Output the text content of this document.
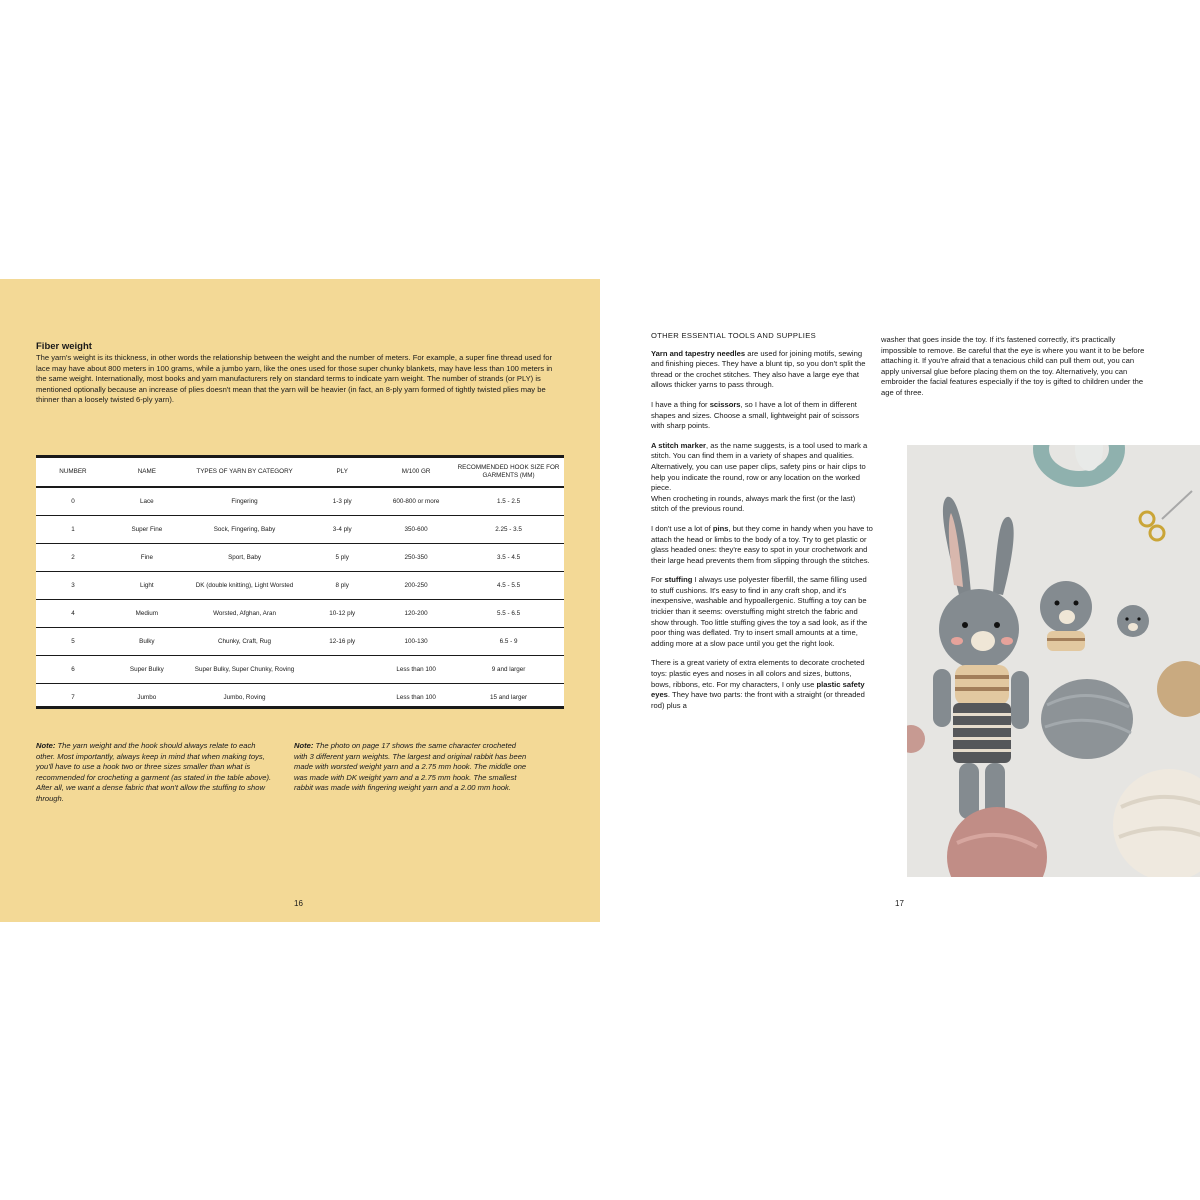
Fiber weight
The yarn's weight is its thickness, in other words the relationship between the weight and the number of meters. For example, a super fine thread used for lace may have about 800 meters in 100 grams, while a jumbo yarn, like the ones used for those super chunky blankets, may have less than 100 meters in the same weight. Internationally, most books and yarn manufacturers rely on standard terms to indicate yarn weight. The number of strands (or PLY) is mentioned optionally because an increase of plies doesn't mean that the yarn will be heavier (in fact, an 8-ply yarn formed of tightly twisted plies may be thinner than a loosely twisted 6-ply yarn).
NUMBER	NAME	TYPES OF YARN BY CATEGORY	PLY	M/100 GR	RECOMMENDED HOOK SIZE FOR GARMENTS (MM)
0	Lace	Fingering	1-3 ply	600-800 or more	1.5 - 2.5
1	Super Fine	Sock, Fingering, Baby	3-4 ply	350-600	2.25 - 3.5
2	Fine	Sport, Baby	5 ply	250-350	3.5 - 4.5
3	Light	DK (double knitting), Light Worsted	8 ply	200-250	4.5 - 5.5
4	Medium	Worsted, Afghan, Aran	10-12 ply	120-200	5.5 - 6.5
5	Bulky	Chunky, Craft, Rug	12-16 ply	100-130	6.5 - 9
6	Super Bulky	Super Bulky, Super Chunky, Roving		Less than 100	9 and larger
7	Jumbo	Jumbo, Roving		Less than 100	15 and larger
Note: The yarn weight and the hook should always relate to each other. Most importantly, always keep in mind that when making toys, you'll have to use a hook two or three sizes smaller than what is recommended for crocheting a garment (as stated in the table above). After all, we want a dense fabric that won't allow the stuffing to show through.
Note: The photo on page 17 shows the same character crocheted with 3 different yarn weights. The largest and original rabbit has been made with worsted weight yarn and a 2.75 mm hook. The middle one was made with DK weight yarn and a 2.75 mm hook. The smallest rabbit was made with fingering weight yarn and a 2.00 mm hook.
16
OTHER ESSENTIAL TOOLS AND SUPPLIES

Yarn and tapestry needles are used for joining motifs, sewing and finishing pieces. They have a blunt tip, so you don't split the thread or the crochet stitches. They also have a large eye that allows thicker yarns to pass through.

I have a thing for scissors, so I have a lot of them in different shapes and sizes. Choose a small, lightweight pair of scissors with sharp points.

A stitch marker, as the name suggests, is a tool used to mark a stitch. You can find them in a variety of shapes and qualities. Alternatively, you can use paper clips, safety pins or hair clips to help you indicate the round, row or any location on the worked piece.
When crocheting in rounds, always mark the first (or the last) stitch of the previous round.

I don't use a lot of pins, but they come in handy when you have to attach the head or limbs to the body of a toy. Try to get plastic or glass headed ones: they're easy to spot in your crochetwork and their large head prevents them from slipping through the stitches.

For stuffing I always use polyester fiberfill, the same filling used to stuff cushions. It's easy to find in any craft shop, and it's inexpensive, washable and hypoallergenic. Stuffing a toy can be trickier than it seems: overstuffing might stretch the fabric and show through. Too little stuffing gives the toy a sad look, as if the poor thing was deflated. Try to insert small amounts at a time, adding more at a slow pace until you get the right look.

There is a great variety of extra elements to decorate crocheted toys: plastic eyes and noses in all colors and sizes, buttons, bows, ribbons, etc. For my characters, I only use plastic safety eyes. They have two parts: the front with a straight (or threaded rod) plus a

washer that goes inside the toy. If it's fastened correctly, it's practically impossible to remove. Be careful that the eye is where you want it to be before attaching it. If you're afraid that a tenacious child can pull them out, you can apply universal glue before placing them on the toy. Alternatively, you can embroider the facial features especially if the toy is gifted to children under the age of three.
17
